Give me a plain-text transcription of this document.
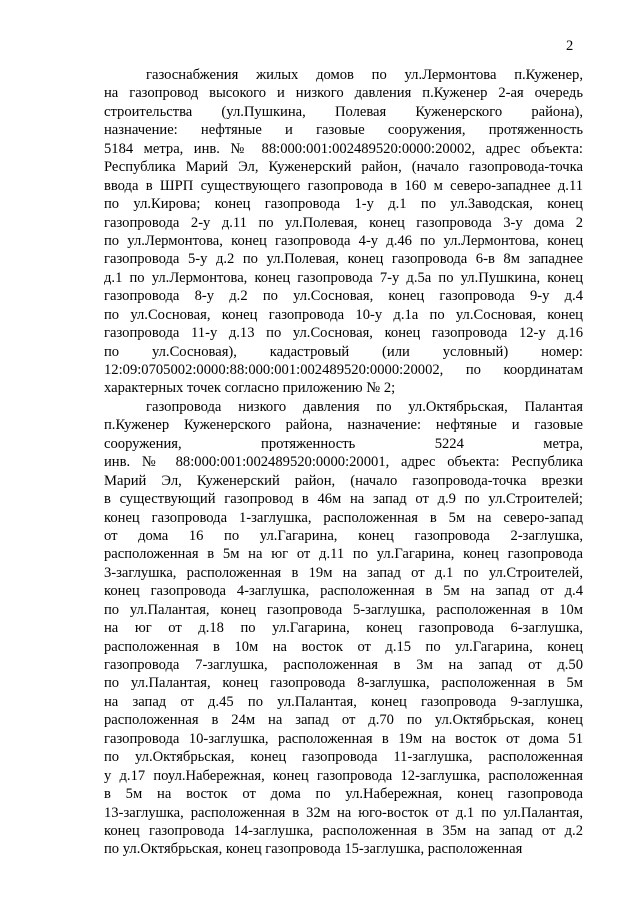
2
газоснабжения жилых домов по ул.Лермонтова п.Куженер,
на газопровод высокого и низкого давления п.Куженер 2-ая очередь
строительства (ул.Пушкина, Полевая Куженерского района),
назначение: нефтяные и газовые сооружения, протяженность
5184 метра, инв. № 88:000:001:002489520:0000:20002, адрес объекта:
Республика Марий Эл, Куженерский район, (начало газопровода-точка
ввода в ШРП существующего газопровода в 160 м северо-западнее д.11
по ул.Кирова; конец газопровода 1-у д.1 по ул.Заводская, конец
газопровода 2-у д.11 по ул.Полевая, конец газопровода 3-у дома 2
по ул.Лермонтова, конец газопровода 4-у д.46 по ул.Лермонтова, конец
газопровода 5-у д.2 по ул.Полевая, конец газопровода 6-в 8м западнее
д.1 по ул.Лермонтова, конец газопровода 7-у д.5а по ул.Пушкина, конец
газопровода 8-у д.2 по ул.Сосновая, конец газопровода 9-у д.4
по ул.Сосновая, конец газопровода 10-у д.1а по ул.Сосновая, конец
газопровода 11-у д.13 по ул.Сосновая, конец газопровода 12-у д.16
по ул.Сосновая), кадастровый (или условный) номер:
12:09:0705002:0000:88:000:001:002489520:0000:20002, по координатам
характерных точек согласно приложению № 2;
газопровода низкого давления по ул.Октябрьская, Палантая
п.Куженер Куженерского района, назначение: нефтяные и газовые
сооружения, протяженность 5224 метра,
инв. № 88:000:001:002489520:0000:20001, адрес объекта: Республика
Марий Эл, Куженерский район, (начало газопровода-точка врезки
в существующий газопровод в 46м на запад от д.9 по ул.Строителей;
конец газопровода 1-заглушка, расположенная в 5м на северо-запад
от дома 16 по ул.Гагарина, конец газопровода 2-заглушка,
расположенная в 5м на юг от д.11 по ул.Гагарина, конец газопровода
3-заглушка, расположенная в 19м на запад от д.1 по ул.Строителей,
конец газопровода 4-заглушка, расположенная в 5м на запад от д.4
по ул.Палантая, конец газопровода 5-заглушка, расположенная в 10м
на юг от д.18 по ул.Гагарина, конец газопровода 6-заглушка,
расположенная в 10м на восток от д.15 по ул.Гагарина, конец
газопровода 7-заглушка, расположенная в 3м на запад от д.50
по ул.Палантая, конец газопровода 8-заглушка, расположенная в 5м
на запад от д.45 по ул.Палантая, конец газопровода 9-заглушка,
расположенная в 24м на запад от д.70 по ул.Октябрьская, конец
газопровода 10-заглушка, расположенная в 19м на восток от дома 51
по ул.Октябрьская, конец газопровода 11-заглушка, расположенная
у д.17 поул.Набережная, конец газопровода 12-заглушка, расположенная
в 5м на восток от дома по ул.Набережная, конец газопровода
13-заглушка, расположенная в 32м на юго-восток от д.1 по ул.Палантая,
конец газопровода 14-заглушка, расположенная в 35м на запад от д.2
по ул.Октябрьская, конец газопровода 15-заглушка, расположенная
